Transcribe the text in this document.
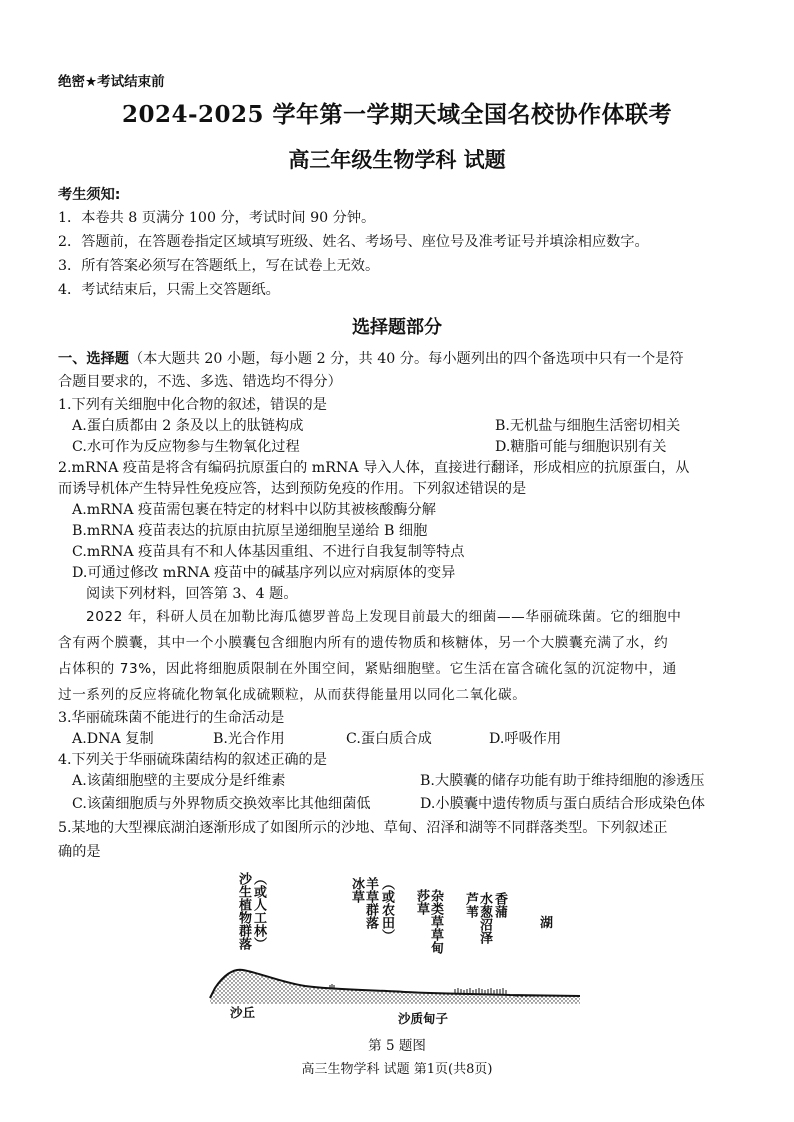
绝密★考试结束前
2024-2025 学年第一学期天域全国名校协作体联考
高三年级生物学科 试题
考生须知:
1．本卷共 8 页满分 100 分，考试时间 90 分钟。
2．答题前，在答题卷指定区域填写班级、姓名、考场号、座位号及准考证号并填涂相应数字。
3．所有答案必须写在答题纸上，写在试卷上无效。
4．考试结束后，只需上交答题纸。
选择题部分
一、选择题（本大题共 20 小题，每小题 2 分，共 40 分。每小题列出的四个备选项中只有一个是符
合题目要求的，不选、多选、错选均不得分）
1.下列有关细胞中化合物的叙述，错误的是
A.蛋白质都由 2 条及以上的肽链构成	B.无机盐与细胞生活密切相关
C.水可作为反应物参与生物氧化过程	D.糖脂可能与细胞识别有关
2.mRNA 疫苗是将含有编码抗原蛋白的 mRNA 导入人体，直接进行翻译，形成相应的抗原蛋白，从
而诱导机体产生特异性免疫应答，达到预防免疫的作用。下列叙述错误的是
A.mRNA 疫苗需包裹在特定的材料中以防其被核酸酶分解
B.mRNA 疫苗表达的抗原由抗原呈递细胞呈递给 B 细胞
C.mRNA 疫苗具有不和人体基因重组、不进行自我复制等特点
D.可通过修改 mRNA 疫苗中的碱基序列以应对病原体的变异
阅读下列材料，回答第 3、4 题。
2022 年，科研人员在加勒比海瓜德罗普岛上发现目前最大的细菌——华丽硫珠菌。它的细胞中
含有两个膜囊，其中一个小膜囊包含细胞内所有的遗传物质和核糖体，另一个大膜囊充满了水，约
占体积的 73%，因此将细胞质限制在外围空间，紧贴细胞壁。它生活在富含硫化氢的沉淀物中，通
过一系列的反应将硫化物氧化成硫颗粒，从而获得能量用以同化二氧化碳。
3.华丽硫珠菌不能进行的生命活动是
A.DNA 复制	B.光合作用	C.蛋白质合成	D.呼吸作用
4.下列关于华丽硫珠菌结构的叙述正确的是
A.该菌细胞壁的主要成分是纤维素	B.大膜囊的储存功能有助于维持细胞的渗透压
C.该菌细胞质与外界物质交换效率比其他细菌低	D.小膜囊中遗传物质与蛋白质结合形成染色体
5.某地的大型裸底湖泊逐渐形成了如图所示的沙地、草甸、沼泽和湖等不同群落类型。下列叙述正
确的是
沙生植物群落 （或人工林）	冰草 羊草群落 （或农田） 莎草 杂类草草甸 芦苇 水葱沼泽 香蒲
湖
沙丘	沙质甸子
第 5 题图
高三生物学科 试题 第1页(共8页)
